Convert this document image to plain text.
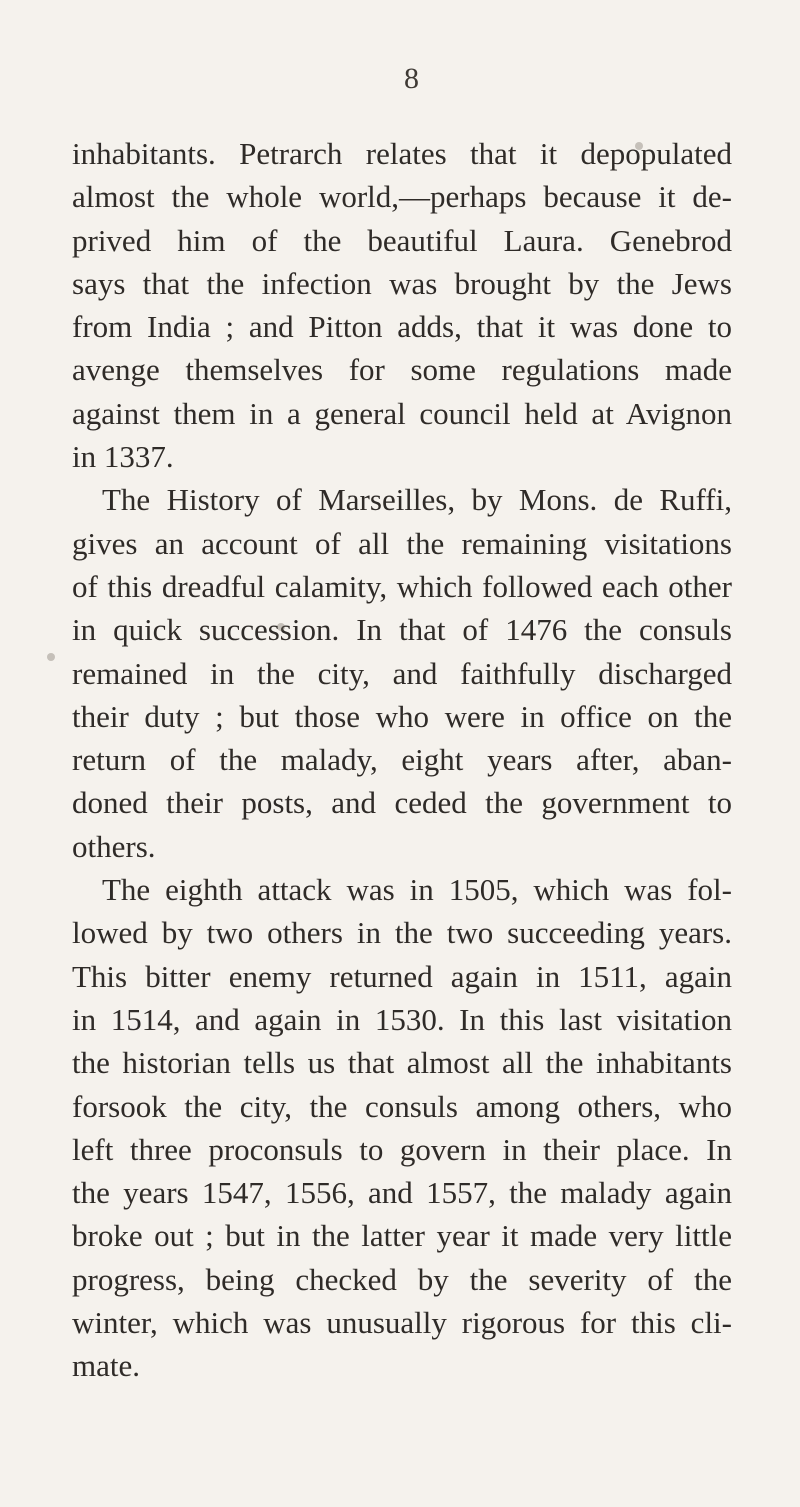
8
inhabitants. Petrarch relates that it depopulated
almost the whole world,—perhaps because it de-
prived him of the beautiful Laura. Genebrod
says that the infection was brought by the Jews
from India ; and Pitton adds, that it was done to
avenge themselves for some regulations made
against them in a general council held at Avignon
in 1337.
The History of Marseilles, by Mons. de Ruffi,
gives an account of all the remaining visitations
of this dreadful calamity, which followed each other
in quick succession. In that of 1476 the consuls
remained in the city, and faithfully discharged
their duty ; but those who were in office on the
return of the malady, eight years after, aban-
doned their posts, and ceded the government to
others.
The eighth attack was in 1505, which was fol-
lowed by two others in the two succeeding years.
This bitter enemy returned again in 1511, again
in 1514, and again in 1530. In this last visitation
the historian tells us that almost all the inhabitants
forsook the city, the consuls among others, who
left three proconsuls to govern in their place. In
the years 1547, 1556, and 1557, the malady again
broke out ; but in the latter year it made very little
progress, being checked by the severity of the
winter, which was unusually rigorous for this cli-
mate.
